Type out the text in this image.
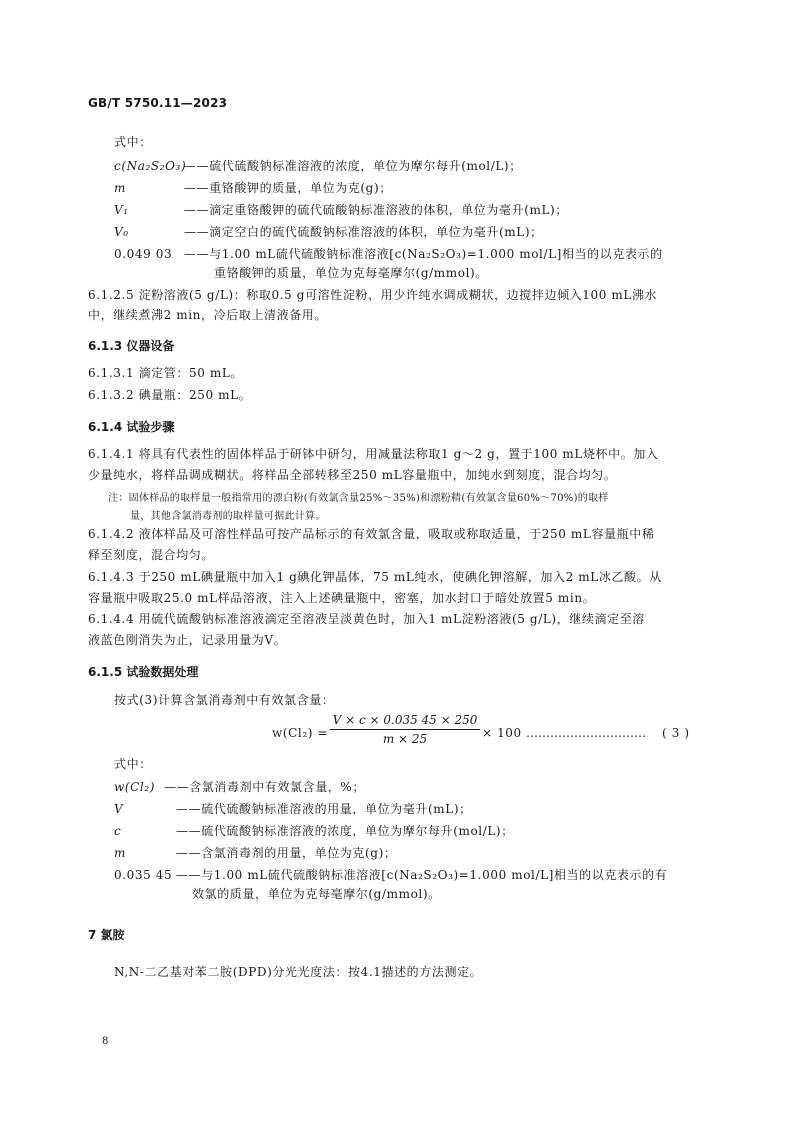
GB/T 5750.11—2023
式中：
c(Na₂S₂O₃)
——硫代硫酸钠标准溶液的浓度，单位为摩尔每升(mol/L)；
m	——重铬酸钾的质量，单位为克(g)；
V₁	——滴定重铬酸钾的硫代硫酸钠标准溶液的体积，单位为毫升(mL)；
V₀	——滴定空白的硫代硫酸钠标准溶液的体积，单位为毫升(mL)；
0.049 03 ——与1.00 mL硫代硫酸钠标准溶液[c(Na₂S₂O₃)=1.000 mol/L]相当的以克表示的
重铬酸钾的质量，单位为克每毫摩尔(g/mmol)。
6.1.2.5 淀粉溶液(5 g/L)：称取0.5 g可溶性淀粉，用少许纯水调成糊状，边搅拌边倾入100 mL沸水
中，继续煮沸2 min，冷后取上清液备用。
6.1.3 仪器设备
6.1.3.1 滴定管：50 mL。
6.1.3.2 碘量瓶：250 mL。
6.1.4 试验步骤
6.1.4.1 将具有代表性的固体样品于研钵中研匀，用减量法称取1 g～2 g，置于100 mL烧杯中。加入
少量纯水，将样品调成糊状。将样品全部转移至250 mL容量瓶中，加纯水到刻度，混合均匀。
注：固体样品的取样量一般指常用的漂白粉(有效氯含量25%～35%)和漂粉精(有效氯含量60%～70%)的取样
量，其他含氯消毒剂的取样量可据此计算。
6.1.4.2 液体样品及可溶性样品可按产品标示的有效氯含量，吸取或称取适量，于250 mL容量瓶中稀
释至刻度，混合均匀。
6.1.4.3 于250 mL碘量瓶中加入1 g碘化钾晶体，75 mL纯水，使碘化钾溶解，加入2 mL冰乙酸。从
容量瓶中吸取25.0 mL样品溶液，注入上述碘量瓶中，密塞，加水封口于暗处放置5 min。
6.1.4.4 用硫代硫酸钠标准溶液滴定至溶液呈淡黄色时，加入1 mL淀粉溶液(5 g/L)，继续滴定至溶
液蓝色刚消失为止，记录用量为V。
6.1.5 试验数据处理
按式(3)计算含氯消毒剂中有效氯含量：
$w(Cl_2) = \frac{V \times c \times 0.035 45 \times 250}{m \times 25} \times 100$ ………………………… ( 3 )
式中：
w(Cl₂) ——含氯消毒剂中有效氯含量，%；
V	——硫代硫酸钠标准溶液的用量，单位为毫升(mL)；
c	——硫代硫酸钠标准溶液的浓度，单位为摩尔每升(mol/L)；
m	——含氯消毒剂的用量，单位为克(g)；
0.035 45 ——与1.00 mL硫代硫酸钠标准溶液[c(Na₂S₂O₃)=1.000 mol/L]相当的以克表示的有
效氯的质量，单位为克每毫摩尔(g/mmol)。
7 氯胺
N,N-二乙基对苯二胺(DPD)分光光度法：按4.1描述的方法测定。
8
